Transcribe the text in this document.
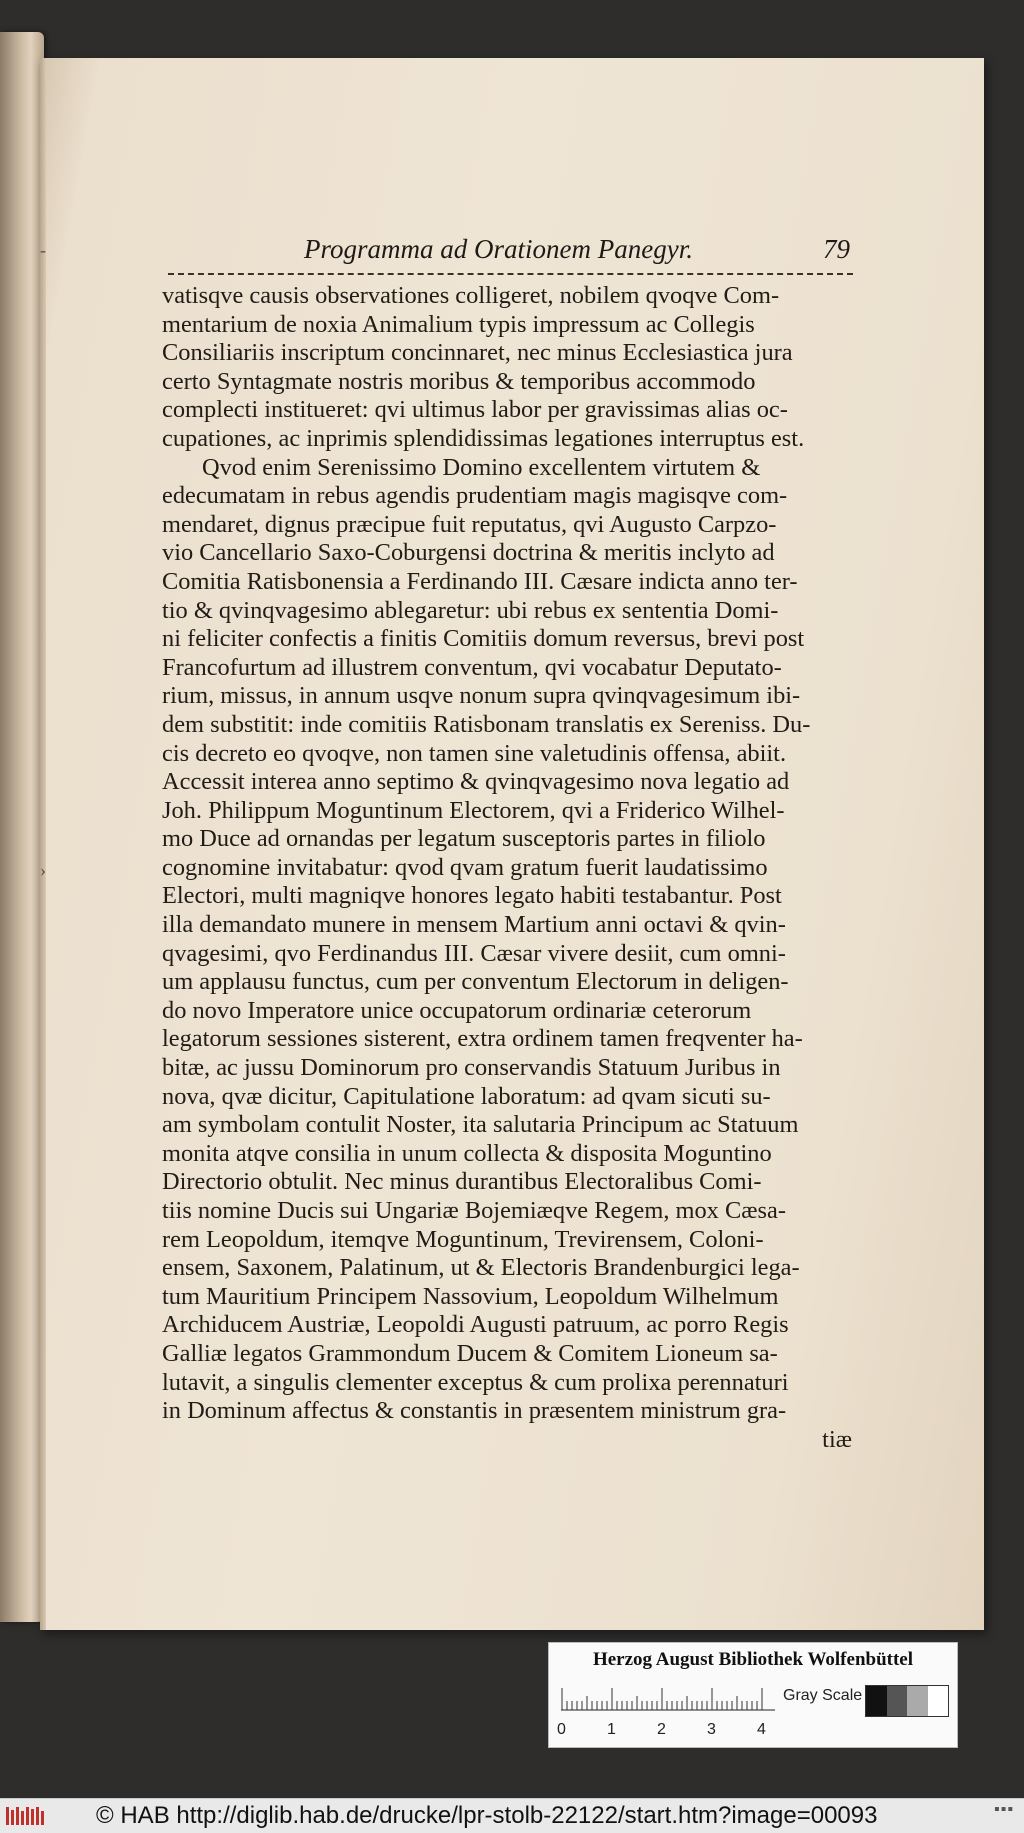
‑
›
Programma ad Orationem Panegyr.	79
vatisqve causis observationes colligeret, nobilem qvoqve Com-
mentarium de noxia Animalium typis impressum ac Collegis
Consiliariis inscriptum concinnaret, nec minus Ecclesiastica jura
certo Syntagmate nostris moribus & temporibus accommodo
complecti institueret: qvi ultimus labor per gravissimas alias oc-
cupationes, ac inprimis splendidissimas legationes interruptus est.
Qvod enim Serenissimo Domino excellentem virtutem &
edecumatam in rebus agendis prudentiam magis magisqve com-
mendaret, dignus præcipue fuit reputatus, qvi Augusto Carpzo-
vio Cancellario Saxo-Coburgensi doctrina & meritis inclyto ad
Comitia Ratisbonensia a Ferdinando III. Cæsare indicta anno ter-
tio & qvinqvagesimo ablegaretur: ubi rebus ex sententia Domi-
ni feliciter confectis a finitis Comitiis domum reversus, brevi post
Francofurtum ad illustrem conventum, qvi vocabatur Deputato-
rium, missus, in annum usqve nonum supra qvinqvagesimum ibi-
dem substitit: inde comitiis Ratisbonam translatis ex Sereniss. Du-
cis decreto eo qvoqve, non tamen sine valetudinis offensa, abiit.
Accessit interea anno septimo & qvinqvagesimo nova legatio ad
Joh. Philippum Moguntinum Electorem, qvi a Friderico Wilhel-
mo Duce ad ornandas per legatum susceptoris partes in filiolo
cognomine invitabatur: qvod qvam gratum fuerit laudatissimo
Electori, multi magniqve honores legato habiti testabantur. Post
illa demandato munere in mensem Martium anni octavi & qvin-
qvagesimi, qvo Ferdinandus III. Cæsar vivere desiit, cum omni-
um applausu functus, cum per conventum Electorum in deligen-
do novo Imperatore unice occupatorum ordinariæ ceterorum
legatorum sessiones sisterent, extra ordinem tamen freqventer ha-
bitæ, ac jussu Dominorum pro conservandis Statuum Juribus in
nova, qvæ dicitur, Capitulatione laboratum: ad qvam sicuti su-
am symbolam contulit Noster, ita salutaria Principum ac Statuum
monita atqve consilia in unum collecta & disposita Moguntino
Directorio obtulit. Nec minus durantibus Electoralibus Comi-
tiis nomine Ducis sui Ungariæ Bojemiæqve Regem, mox Cæsa-
rem Leopoldum, itemqve Moguntinum, Trevirensem, Coloni-
ensem, Saxonem, Palatinum, ut & Electoris Brandenburgici lega-
tum Mauritium Principem Nassovium, Leopoldum Wilhelmum
Archiducem Austriæ, Leopoldi Augusti patruum, ac porro Regis
Galliæ legatos Grammondum Ducem & Comitem Lioneum sa-
lutavit, a singulis clementer exceptus & cum prolixa perennaturi
in Dominum affectus & constantis in præsentem ministrum gra-
tiæ
Herzog August Bibliothek Wolfenbüttel
Gray Scale
0	1	2	3	4
© HAB http://diglib.hab.de/drucke/lpr-stolb-22122/start.htm?image=00093	▪▪▪
